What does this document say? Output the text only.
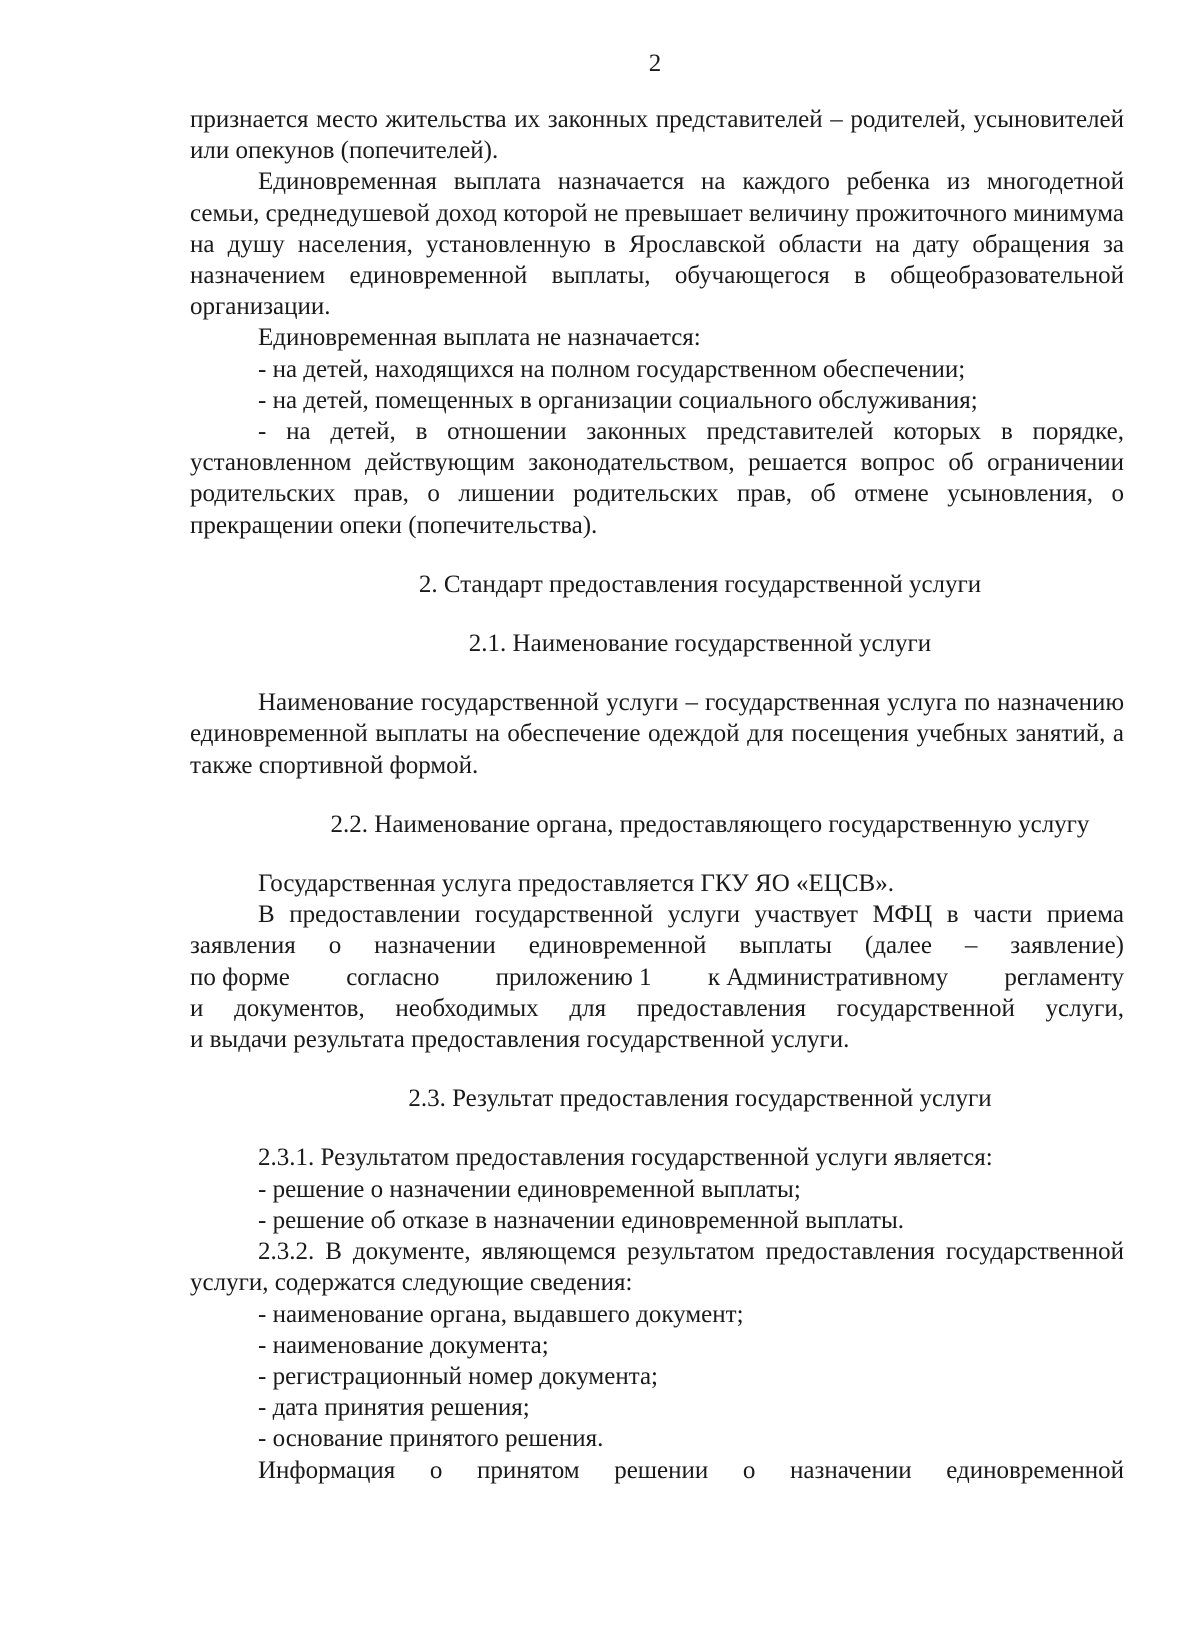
2

признается место жительства их законных представителей – родителей, усыновителей или опекунов (попечителей).

Единовременная выплата назначается на каждого ребенка из многодетной семьи, среднедушевой доход которой не превышает величину прожиточного минимума на душу населения, установленную в Ярославской области на дату обращения за назначением единовременной выплаты, обучающегося в общеобразовательной организации.

Единовременная выплата не назначается:

- на детей, находящихся на полном государственном обеспечении;

- на детей, помещенных в организации социального обслуживания;

- на детей, в отношении законных представителей которых в порядке, установленном действующим законодательством, решается вопрос об ограничении родительских прав, о лишении родительских прав, об отмене усыновления, о прекращении опеки (попечительства).

2. Стандарт предоставления государственной услуги

2.1. Наименование государственной услуги

Наименование государственной услуги – государственная услуга по назначению единовременной выплаты на обеспечение одеждой для посещения учебных занятий, а также спортивной формой.

2.2. Наименование органа, предоставляющего государственную услугу

Государственная услуга предоставляется ГКУ ЯО «ЕЦСВ».

В предоставлении государственной услуги участвует МФЦ в части приема заявления о назначении единовременной выплаты (далее – заявление)

по форме согласно приложению 1 к Административному регламенту

и документов, необходимых для предоставления государственной услуги,

и выдачи результата предоставления государственной услуги.

2.3. Результат предоставления государственной услуги

2.3.1. Результатом предоставления государственной услуги является:

- решение о назначении единовременной выплаты;

- решение об отказе в назначении единовременной выплаты.

2.3.2. В документе, являющемся результатом предоставления государственной услуги, содержатся следующие сведения:

- наименование органа, выдавшего документ;

- наименование документа;

- регистрационный номер документа;

- дата принятия решения;

- основание принятого решения.

Информация о принятом решении о назначении единовременной
